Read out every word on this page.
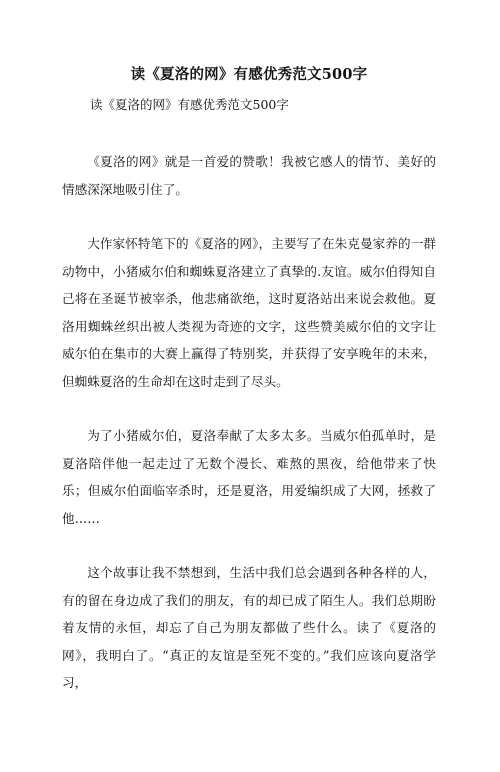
读《夏洛的网》有感优秀范文500字
读《夏洛的网》有感优秀范文500字

《夏洛的网》就是一首爱的赞歌！我被它感人的情节、美好的情感深深地吸引住了。

大作家怀特笔下的《夏洛的网》，主要写了在朱克曼家养的一群动物中，小猪威尔伯和蜘蛛夏洛建立了真挚的.友谊。威尔伯得知自己将在圣诞节被宰杀，他悲痛欲绝，这时夏洛站出来说会救他。夏洛用蜘蛛丝织出被人类视为奇迹的文字，这些赞美威尔伯的文字让威尔伯在集市的大赛上赢得了特别奖，并获得了安享晚年的未来，但蜘蛛夏洛的生命却在这时走到了尽头。

为了小猪威尔伯，夏洛奉献了太多太多。当威尔伯孤单时，是夏洛陪伴他一起走过了无数个漫长、难熬的黑夜，给他带来了快乐；但威尔伯面临宰杀时，还是夏洛，用爱编织成了大网，拯救了他……

这个故事让我不禁想到，生活中我们总会遇到各种各样的人，有的留在身边成了我们的朋友，有的却已成了陌生人。我们总期盼着友情的永恒，却忘了自己为朋友都做了些什么。读了《夏洛的网》，我明白了。“真正的友谊是至死不变的。”我们应该向夏洛学习，
